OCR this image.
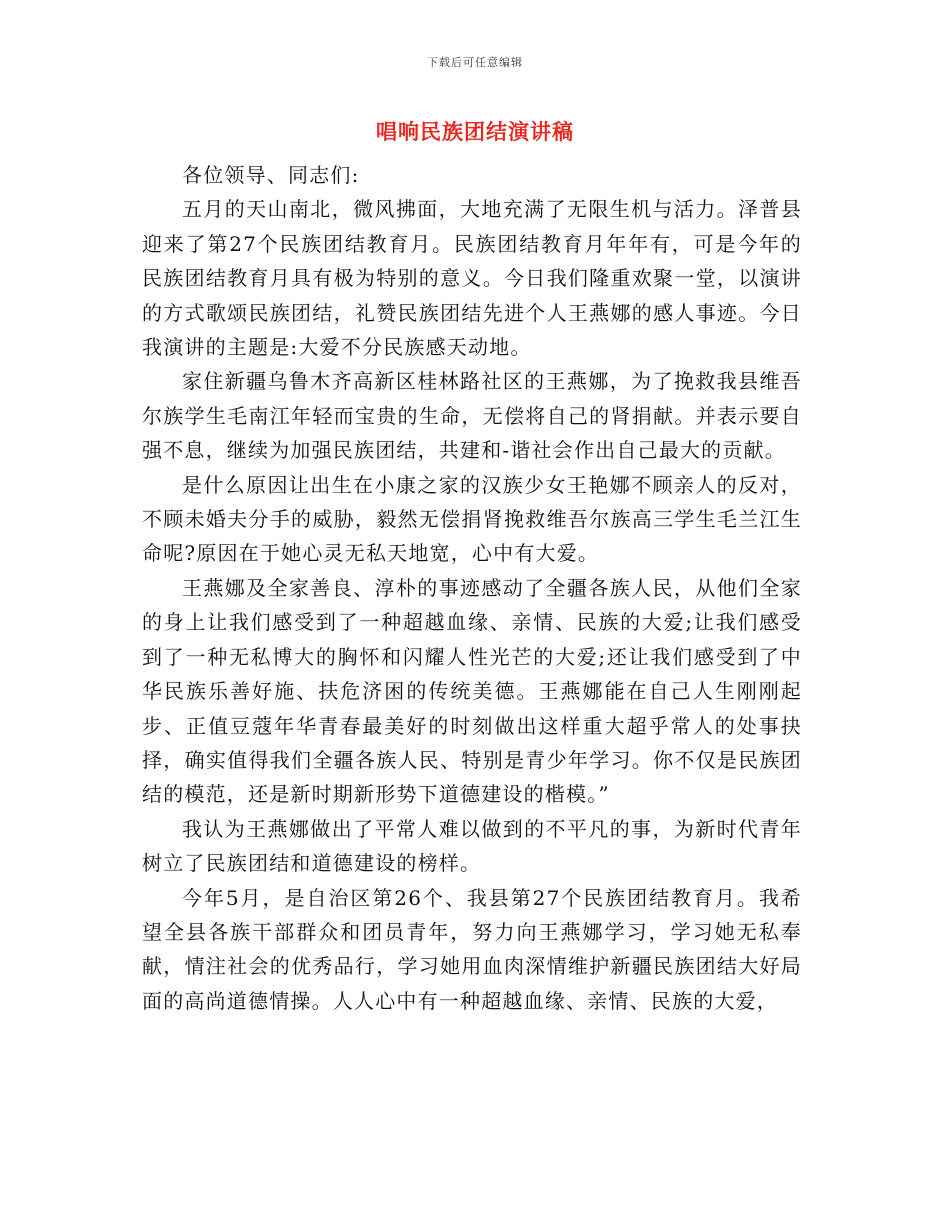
下载后可任意编辑
唱响民族团结演讲稿

各位领导、同志们:

五月的天山南北，微风拂面，大地充满了无限生机与活力。泽普县迎来了第27个民族团结教育月。民族团结教育月年年有，可是今年的民族团结教育月具有极为特别的意义。今日我们隆重欢聚一堂，以演讲的方式歌颂民族团结，礼赞民族团结先进个人王燕娜的感人事迹。今日我演讲的主题是:大爱不分民族感天动地。

家住新疆乌鲁木齐高新区桂林路社区的王燕娜，为了挽救我县维吾尔族学生毛南江年轻而宝贵的生命，无偿将自己的肾捐献。并表示要自强不息，继续为加强民族团结，共建和-谐社会作出自己最大的贡献。

是什么原因让出生在小康之家的汉族少女王艳娜不顾亲人的反对，不顾未婚夫分手的威胁，毅然无偿捐肾挽救维吾尔族高三学生毛兰江生命呢?原因在于她心灵无私天地宽，心中有大爱。

王燕娜及全家善良、淳朴的事迹感动了全疆各族人民，从他们全家的身上让我们感受到了一种超越血缘、亲情、民族的大爱;让我们感受到了一种无私博大的胸怀和闪耀人性光芒的大爱;还让我们感受到了中华民族乐善好施、扶危济困的传统美德。王燕娜能在自己人生刚刚起步、正值豆蔻年华青春最美好的时刻做出这样重大超乎常人的处事抉择，确实值得我们全疆各族人民、特别是青少年学习。你不仅是民族团结的模范，还是新时期新形势下道德建设的楷模。”

我认为王燕娜做出了平常人难以做到的不平凡的事，为新时代青年树立了民族团结和道德建设的榜样。

今年5月，是自治区第26个、我县第27个民族团结教育月。我希望全县各族干部群众和团员青年，努力向王燕娜学习，学习她无私奉献，情注社会的优秀品行，学习她用血肉深情维护新疆民族团结大好局面的高尚道德情操。人人心中有一种超越血缘、亲情、民族的大爱，
